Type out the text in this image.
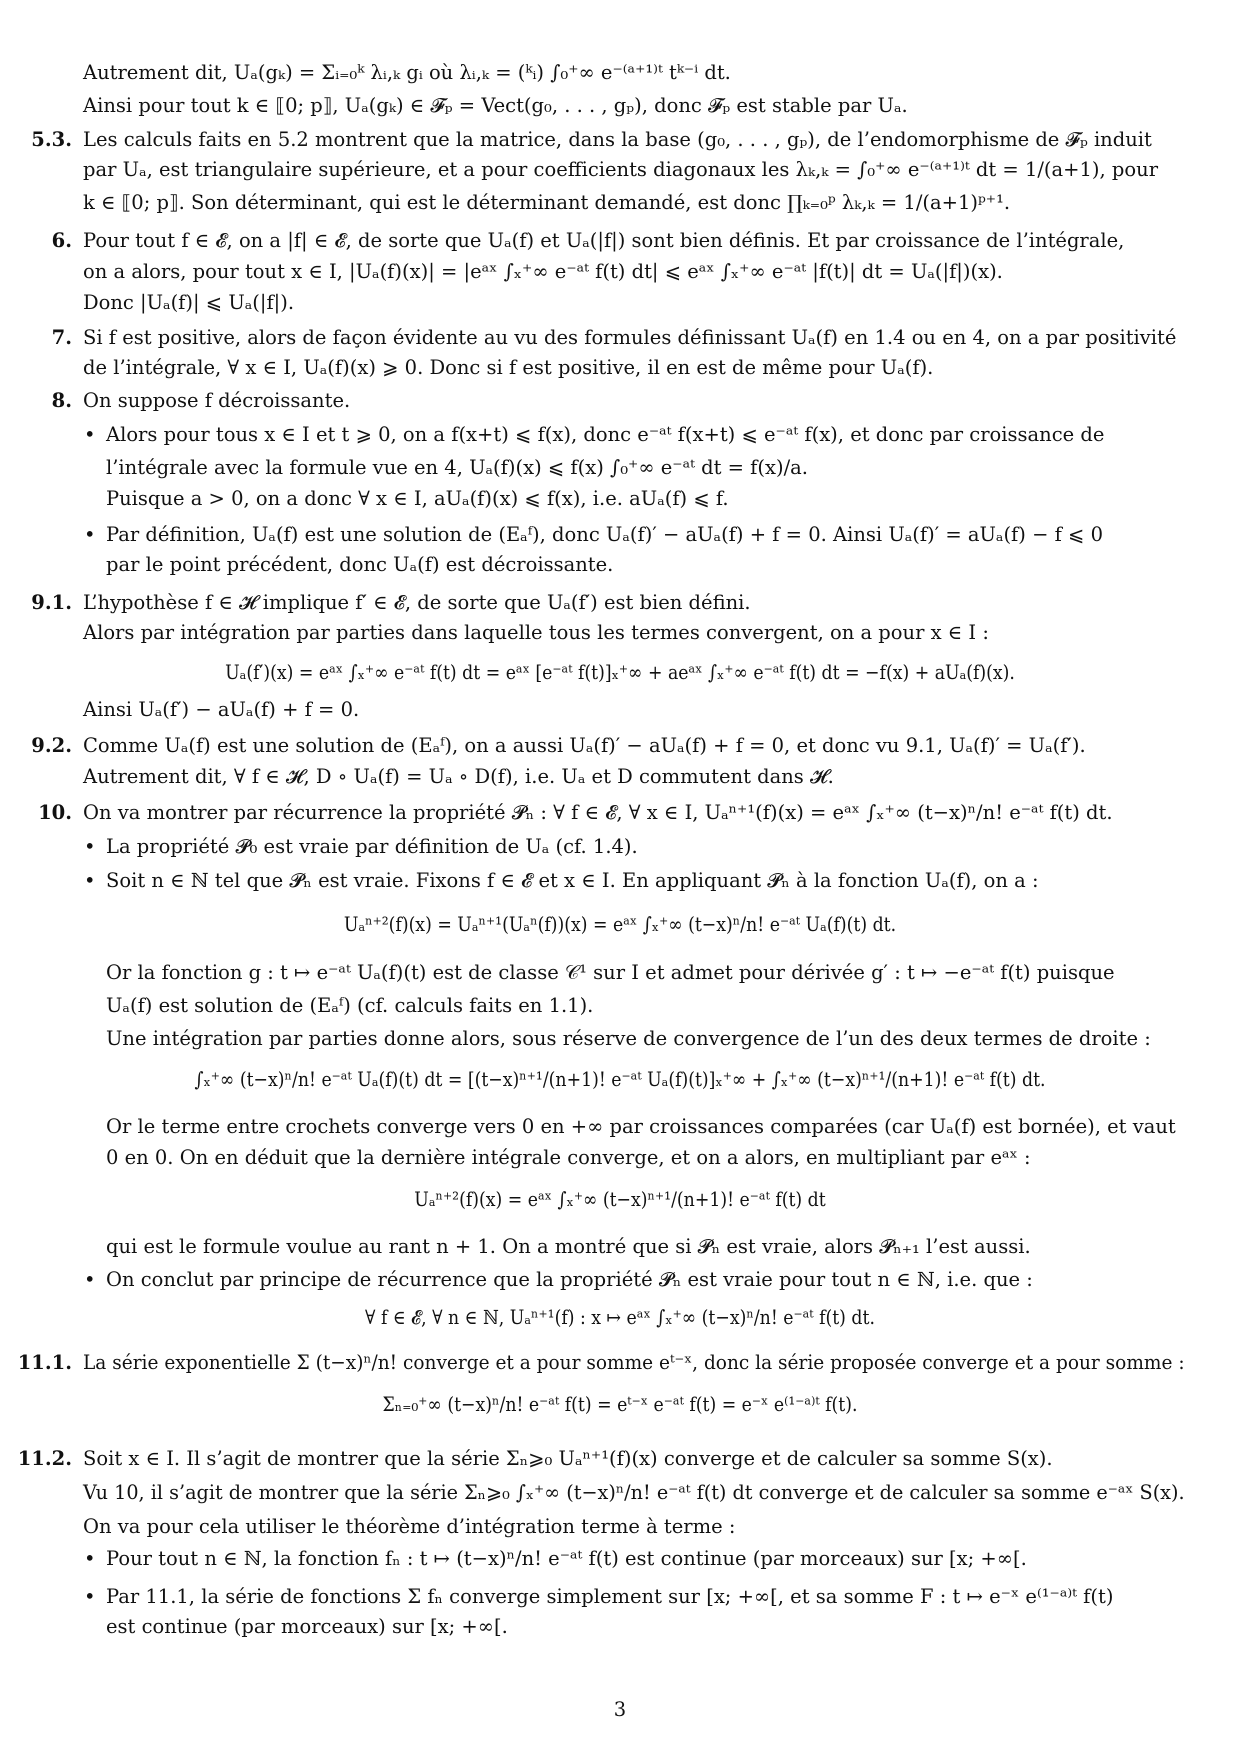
Autrement dit, Uₐ(gₖ) = Σᵢ₌₀ᵏ λᵢ,ₖ gᵢ où λᵢ,ₖ = (ᵏᵢ) ∫₀⁺∞ e⁻⁽ᵃ⁺¹⁾ᵗ tᵏ⁻ⁱ dt.
Ainsi pour tout k ∈ ⟦0; p⟧, Uₐ(gₖ) ∈ 𝓕ₚ = Vect(g₀, . . . , gₚ), donc 𝓕ₚ est stable par Uₐ.
5.3. Les calculs faits en 5.2 montrent que la matrice, dans la base (g₀, . . . , gₚ), de l’endomorphisme de 𝓕ₚ induit
par Uₐ, est triangulaire supérieure, et a pour coefficients diagonaux les λₖ,ₖ = ∫₀⁺∞ e⁻⁽ᵃ⁺¹⁾ᵗ dt = 1/(a+1), pour
k ∈ ⟦0; p⟧. Son déterminant, qui est le déterminant demandé, est donc ∏ₖ₌₀ᵖ λₖ,ₖ = 1/(a+1)ᵖ⁺¹.
6. Pour tout f ∈ 𝓔, on a |f| ∈ 𝓔, de sorte que Uₐ(f) et Uₐ(|f|) sont bien définis. Et par croissance de l’intégrale,
on a alors, pour tout x ∈ I, |Uₐ(f)(x)| = |eᵃˣ ∫ₓ⁺∞ e⁻ᵃᵗ f(t) dt| ⩽ eᵃˣ ∫ₓ⁺∞ e⁻ᵃᵗ |f(t)| dt = Uₐ(|f|)(x).
Donc |Uₐ(f)| ⩽ Uₐ(|f|).
7. Si f est positive, alors de façon évidente au vu des formules définissant Uₐ(f) en 1.4 ou en 4, on a par positivité
de l’intégrale, ∀ x ∈ I, Uₐ(f)(x) ⩾ 0. Donc si f est positive, il en est de même pour Uₐ(f).
8. On suppose f décroissante.
• Alors pour tous x ∈ I et t ⩾ 0, on a f(x+t) ⩽ f(x), donc e⁻ᵃᵗ f(x+t) ⩽ e⁻ᵃᵗ f(x), et donc par croissance de
l’intégrale avec la formule vue en 4, Uₐ(f)(x) ⩽ f(x) ∫₀⁺∞ e⁻ᵃᵗ dt = f(x)/a.
Puisque a > 0, on a donc ∀ x ∈ I, aUₐ(f)(x) ⩽ f(x), i.e. aUₐ(f) ⩽ f.
• Par définition, Uₐ(f) est une solution de (Eₐᶠ), donc Uₐ(f)′ − aUₐ(f) + f = 0. Ainsi Uₐ(f)′ = aUₐ(f) − f ⩽ 0
par le point précédent, donc Uₐ(f) est décroissante.
9.1. L’hypothèse f ∈ 𝓗 implique f′ ∈ 𝓔, de sorte que Uₐ(f′) est bien défini.
Alors par intégration par parties dans laquelle tous les termes convergent, on a pour x ∈ I :
Uₐ(f′)(x) = eᵃˣ ∫ₓ⁺∞ e⁻ᵃᵗ f(t) dt = eᵃˣ [e⁻ᵃᵗ f(t)]ₓ⁺∞ + aeᵃˣ ∫ₓ⁺∞ e⁻ᵃᵗ f(t) dt = −f(x) + aUₐ(f)(x).
Ainsi Uₐ(f′) − aUₐ(f) + f = 0.
9.2. Comme Uₐ(f) est une solution de (Eₐᶠ), on a aussi Uₐ(f)′ − aUₐ(f) + f = 0, et donc vu 9.1, Uₐ(f)′ = Uₐ(f′).
Autrement dit, ∀ f ∈ 𝓗, D ∘ Uₐ(f) = Uₐ ∘ D(f), i.e. Uₐ et D commutent dans 𝓗.
10. On va montrer par récurrence la propriété 𝓟ₙ : ∀ f ∈ 𝓔, ∀ x ∈ I, Uₐⁿ⁺¹(f)(x) = eᵃˣ ∫ₓ⁺∞ (t−x)ⁿ/n! e⁻ᵃᵗ f(t) dt.
• La propriété 𝓟₀ est vraie par définition de Uₐ (cf. 1.4).
• Soit n ∈ ℕ tel que 𝓟ₙ est vraie. Fixons f ∈ 𝓔 et x ∈ I. En appliquant 𝓟ₙ à la fonction Uₐ(f), on a :
Uₐⁿ⁺²(f)(x) = Uₐⁿ⁺¹(Uₐⁿ(f))(x) = eᵃˣ ∫ₓ⁺∞ (t−x)ⁿ/n! e⁻ᵃᵗ Uₐ(f)(t) dt.
Or la fonction g : t ↦ e⁻ᵃᵗ Uₐ(f)(t) est de classe 𝒞¹ sur I et admet pour dérivée g′ : t ↦ −e⁻ᵃᵗ f(t) puisque
Uₐ(f) est solution de (Eₐᶠ) (cf. calculs faits en 1.1).
Une intégration par parties donne alors, sous réserve de convergence de l’un des deux termes de droite :
∫ₓ⁺∞ (t−x)ⁿ/n! e⁻ᵃᵗ Uₐ(f)(t) dt = [(t−x)ⁿ⁺¹/(n+1)! e⁻ᵃᵗ Uₐ(f)(t)]ₓ⁺∞ + ∫ₓ⁺∞ (t−x)ⁿ⁺¹/(n+1)! e⁻ᵃᵗ f(t) dt.
Or le terme entre crochets converge vers 0 en +∞ par croissances comparées (car Uₐ(f) est bornée), et vaut
0 en 0. On en déduit que la dernière intégrale converge, et on a alors, en multipliant par eᵃˣ :
Uₐⁿ⁺²(f)(x) = eᵃˣ ∫ₓ⁺∞ (t−x)ⁿ⁺¹/(n+1)! e⁻ᵃᵗ f(t) dt
qui est le formule voulue au rant n + 1. On a montré que si 𝓟ₙ est vraie, alors 𝓟ₙ₊₁ l’est aussi.
• On conclut par principe de récurrence que la propriété 𝓟ₙ est vraie pour tout n ∈ ℕ, i.e. que :
∀ f ∈ 𝓔, ∀ n ∈ ℕ, Uₐⁿ⁺¹(f) : x ↦ eᵃˣ ∫ₓ⁺∞ (t−x)ⁿ/n! e⁻ᵃᵗ f(t) dt.
11.1. La série exponentielle Σ (t−x)ⁿ/n! converge et a pour somme eᵗ⁻ˣ, donc la série proposée converge et a pour somme :
Σₙ₌₀⁺∞ (t−x)ⁿ/n! e⁻ᵃᵗ f(t) = eᵗ⁻ˣ e⁻ᵃᵗ f(t) = e⁻ˣ e⁽¹⁻ᵃ⁾ᵗ f(t).
11.2. Soit x ∈ I. Il s’agit de montrer que la série Σₙ⩾₀ Uₐⁿ⁺¹(f)(x) converge et de calculer sa somme S(x).
Vu 10, il s’agit de montrer que la série Σₙ⩾₀ ∫ₓ⁺∞ (t−x)ⁿ/n! e⁻ᵃᵗ f(t) dt converge et de calculer sa somme e⁻ᵃˣ S(x).
On va pour cela utiliser le théorème d’intégration terme à terme :
• Pour tout n ∈ ℕ, la fonction fₙ : t ↦ (t−x)ⁿ/n! e⁻ᵃᵗ f(t) est continue (par morceaux) sur [x; +∞[.
• Par 11.1, la série de fonctions Σ fₙ converge simplement sur [x; +∞[, et sa somme F : t ↦ e⁻ˣ e⁽¹⁻ᵃ⁾ᵗ f(t)
est continue (par morceaux) sur [x; +∞[.
3
